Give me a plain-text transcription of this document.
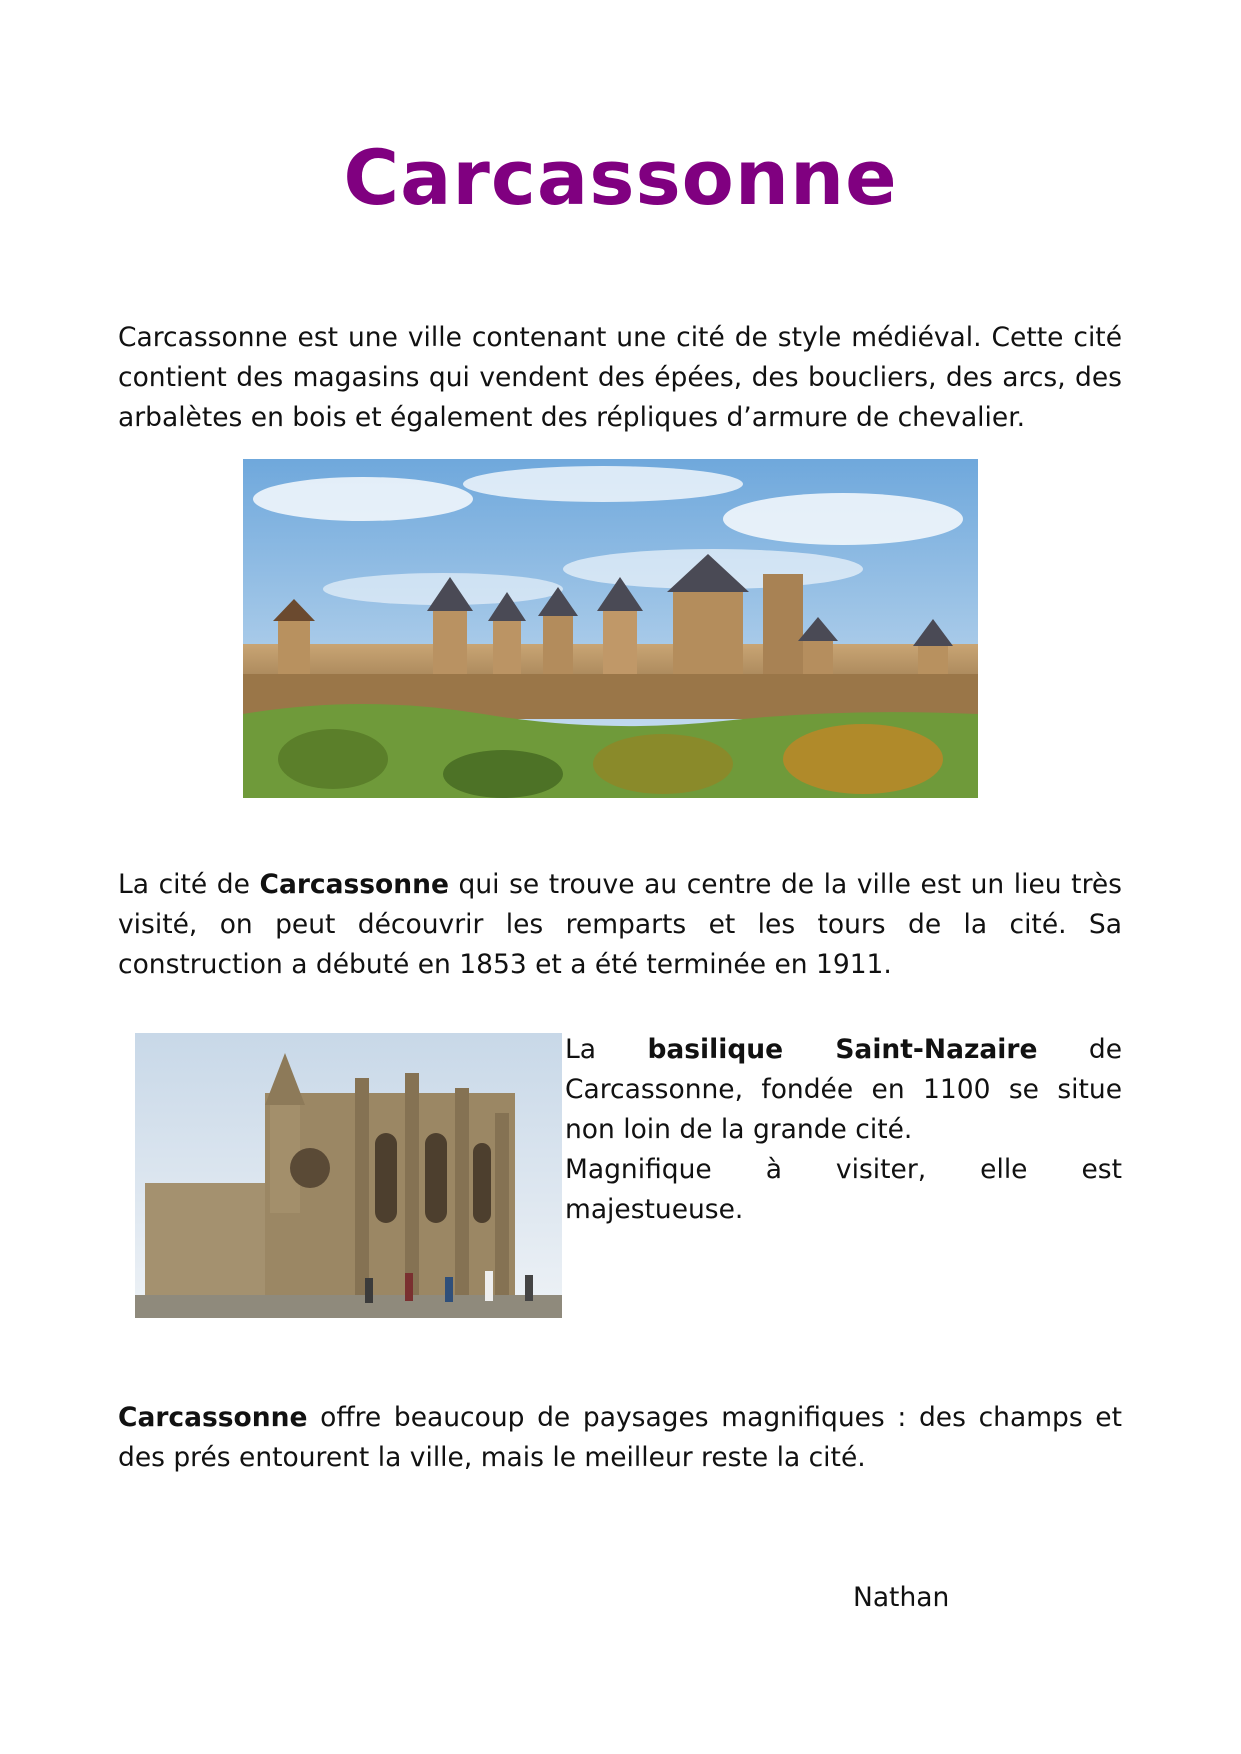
Carcassonne

Carcassonne est une ville contenant une cité de style médiéval. Cette cité contient des magasins qui vendent des épées, des boucliers, des arcs, des arbalètes en bois et également des répliques d’armure de chevalier.

La cité de Carcassonne qui se trouve au centre de la ville est un lieu très visité, on peut découvrir les remparts et les tours de la cité. Sa construction a débuté en 1853 et a été terminée en 1911.

La basilique Saint-Nazaire de Carcassonne, fondée en 1100 se situe non loin de la grande cité.

Magnifique à visiter, elle est majestueuse.

Carcassonne offre beaucoup de paysages magnifiques : des champs et des prés entourent la ville, mais le meilleur reste la cité.

Nathan
